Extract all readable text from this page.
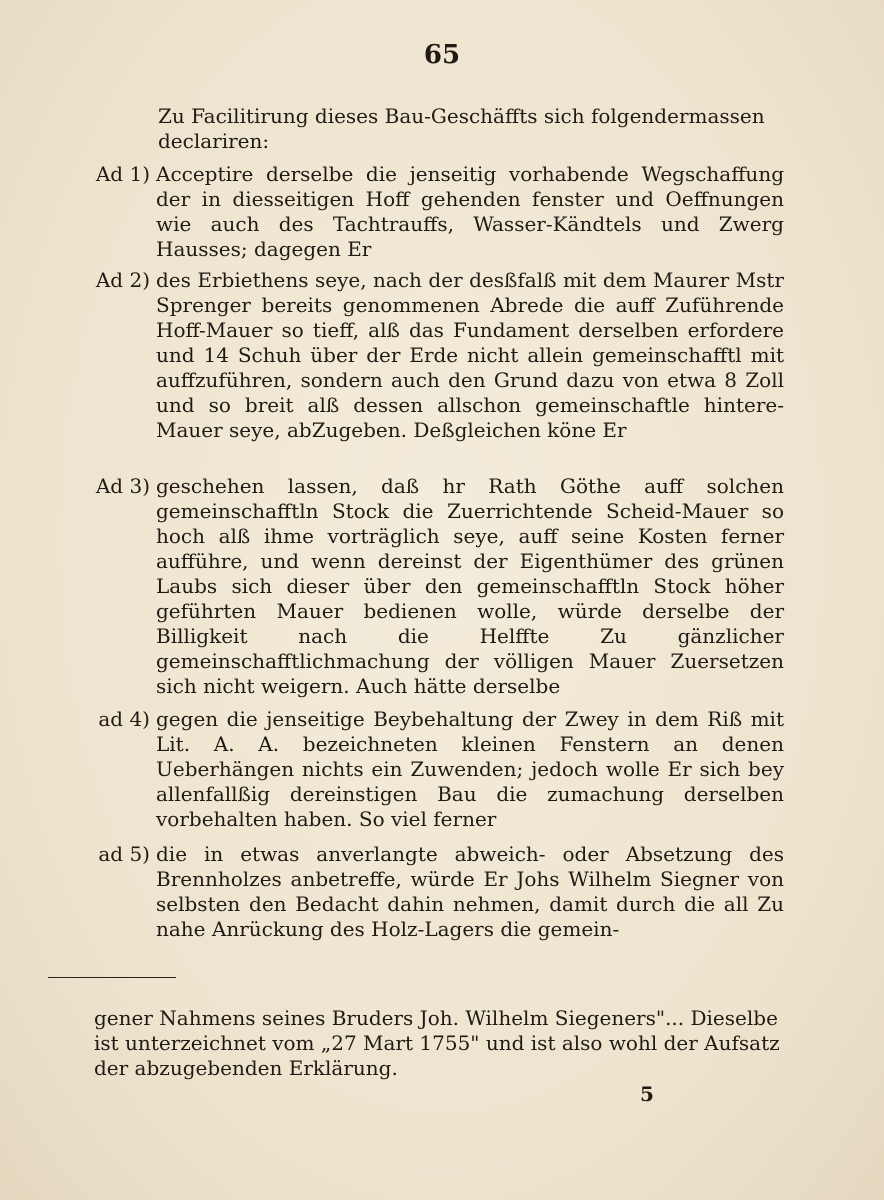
65
Zu Facilitirung dieses Bau-Geschäffts sich folgendermassen declariren:
Ad 1) Acceptire derselbe die jenseitig vorhabende Wegschaffung der in diesseitigen Hoff gehenden fenster und Oeffnungen wie auch des Tachtrauffs, Wasser-Kändtels und Zwerg Hausses; dagegen Er
Ad 2) des Erbiethens seye, nach der desßfalß mit dem Maurer Mstr Sprenger bereits genommenen Abrede die auff Zuführende Hoff-Mauer so tieff, alß das Fundament derselben erfordere und 14 Schuh über der Erde nicht allein gemeinschafftl mit auffzuführen, sondern auch den Grund dazu von etwa 8 Zoll und so breit alß dessen allschon gemeinschaftle hintere-Mauer seye, abZugeben. Deßgleichen köne Er
Ad 3) geschehen lassen, daß hr Rath Göthe auff solchen gemeinschafftln Stock die Zuerrichtende Scheid-Mauer so hoch alß ihme vorträglich seye, auff seine Kosten ferner aufführe, und wenn dereinst der Eigenthümer des grünen Laubs sich dieser über den gemeinschafftln Stock höher geführten Mauer bedienen wolle, würde derselbe der Billigkeit nach die Helffte Zu gänzlicher gemeinschafftlichmachung der völligen Mauer Zuersetzen sich nicht weigern. Auch hätte derselbe
ad 4) gegen die jenseitige Beybehaltung der Zwey in dem Riß mit Lit. A. A. bezeichneten kleinen Fenstern an denen Ueberhängen nichts ein Zuwenden; jedoch wolle Er sich bey allenfallßig dereinstigen Bau die zumachung derselben vorbehalten haben. So viel ferner
ad 5) die in etwas anverlangte abweich- oder Absetzung des Brennholzes anbetreffe, würde Er Johs Wilhelm Siegner von selbsten den Bedacht dahin nehmen, damit durch die all Zu nahe Anrückung des Holz-Lagers die gemein-
gener Nahmens seines Bruders Joh. Wilhelm Siegeners"... Dieselbe ist unterzeichnet vom „27 Mart 1755" und ist also wohl der Aufsatz der abzugebenden Erklärung.
5
